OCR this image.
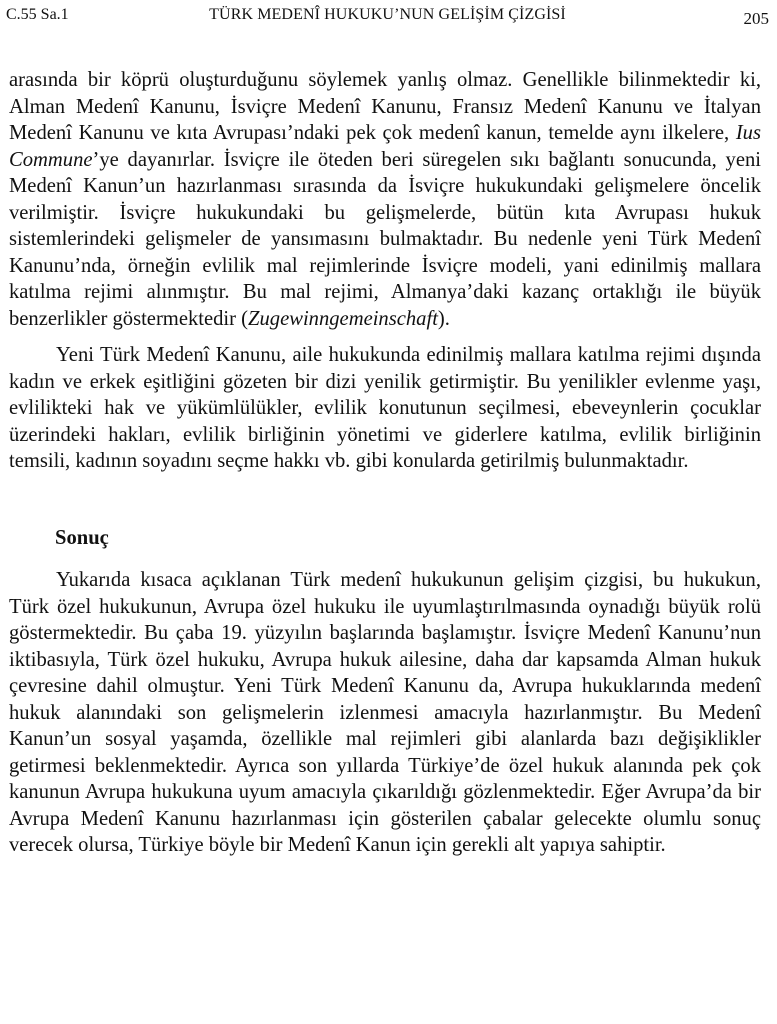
C.55 Sa.1	TÜRK MEDENÎ HUKUKU’NUN GELİŞİM ÇİZGİSİ	205

arasında bir köprü oluşturduğunu söylemek yanlış olmaz. Genellikle bilinmektedir ki, Alman Medenî Kanunu, İsviçre Medenî Kanunu, Fransız Medenî Kanunu ve İtalyan Medenî Kanunu ve kıta Avrupası’ndaki pek çok medenî kanun, temelde aynı ilkelere, Ius Commune’ye dayanırlar. İsviçre ile öteden beri süregelen sıkı bağlantı sonucunda, yeni Medenî Kanun’un hazırlanması sırasında da İsviçre hukukundaki gelişmelere öncelik verilmiştir. İsviçre hukukundaki bu gelişmelerde, bütün kıta Avrupası hukuk sistemlerindeki gelişmeler de yansımasını bulmaktadır. Bu nedenle yeni Türk Medenî Kanunu’nda, örneğin evlilik mal rejimlerinde İsviçre modeli, yani edinilmiş mallara katılma rejimi alınmıştır. Bu mal rejimi, Almanya’daki kazanç ortaklığı ile büyük benzerlikler göstermektedir (Zugewinngemeinschaft).

Yeni Türk Medenî Kanunu, aile hukukunda edinilmiş mallara katılma rejimi dışında kadın ve erkek eşitliğini gözeten bir dizi yenilik getirmiştir. Bu yenilikler evlenme yaşı, evlilikteki hak ve yükümlülükler, evlilik konutunun seçilmesi, ebeveynlerin çocuklar üzerindeki hakları, evlilik birliğinin yönetimi ve giderlere katılma, evlilik birliğinin temsili, kadının soyadını seçme hakkı vb. gibi konularda getirilmiş bulunmaktadır.

Sonuç

Yukarıda kısaca açıklanan Türk medenî hukukunun gelişim çizgisi, bu hukukun, Türk özel hukukunun, Avrupa özel hukuku ile uyumlaştırılmasında oynadığı büyük rolü göstermektedir. Bu çaba 19. yüzyılın başlarında başlamıştır. İsviçre Medenî Kanunu’nun iktibasıyla, Türk özel hukuku, Avrupa hukuk ailesine, daha dar kapsamda Alman hukuk çevresine dahil olmuştur. Yeni Türk Medenî Kanunu da, Avrupa hukuklarında medenî hukuk alanındaki son gelişmelerin izlenmesi amacıyla hazırlanmıştır. Bu Medenî Kanun’un sosyal yaşamda, özellikle mal rejimleri gibi alanlarda bazı değişiklikler getirmesi beklenmektedir. Ayrıca son yıllarda Türkiye’de özel hukuk alanında pek çok kanunun Avrupa hukukuna uyum amacıyla çıkarıldığı gözlenmektedir. Eğer Avrupa’da bir Avrupa Medenî Kanunu hazırlanması için gösterilen çabalar gelecekte olumlu sonuç verecek olursa, Türkiye böyle bir Medenî Kanun için gerekli alt yapıya sahiptir.
